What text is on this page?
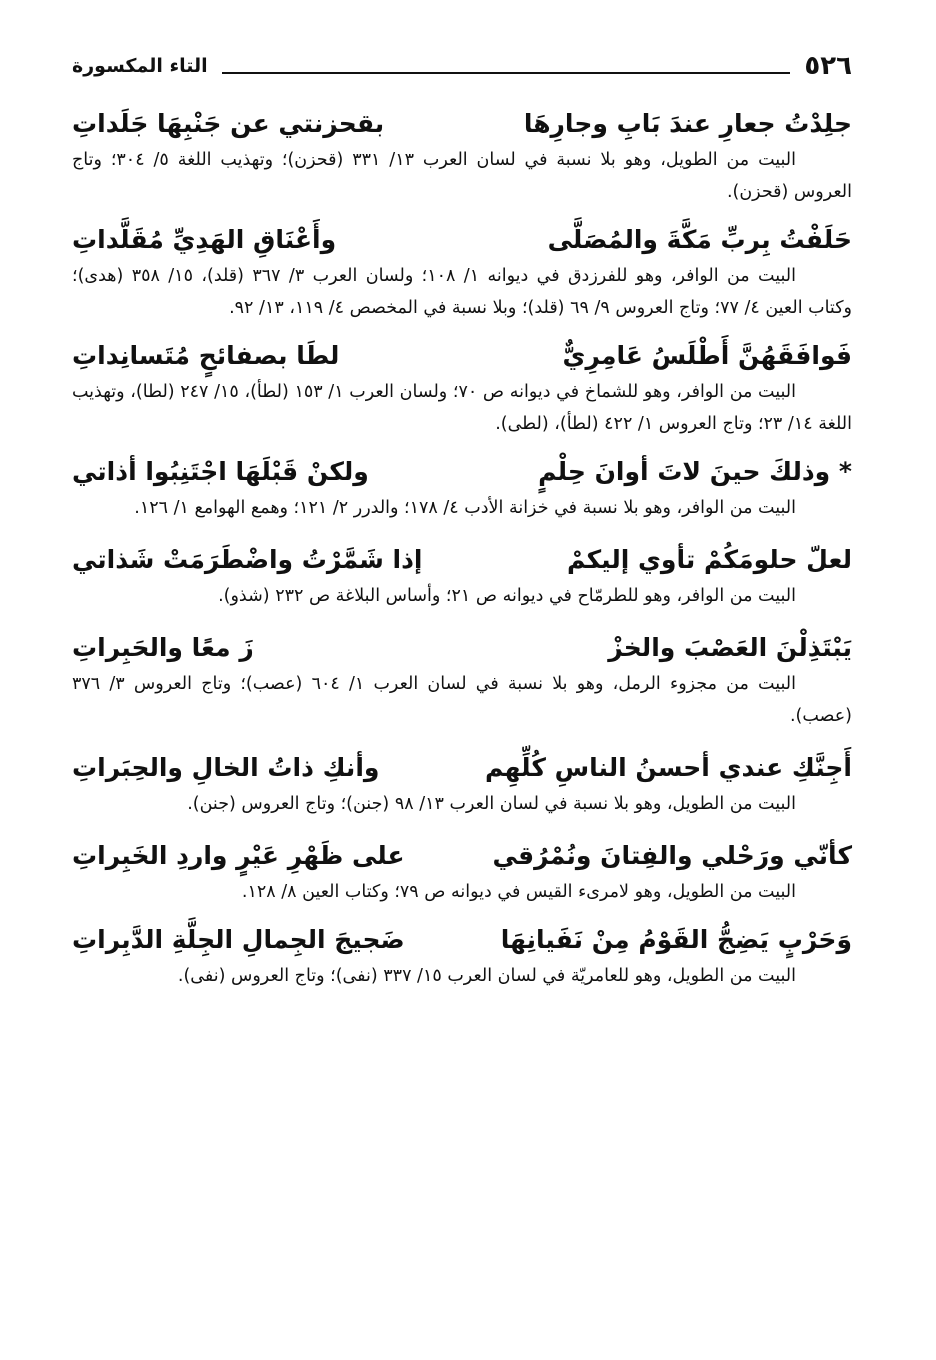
٥٢٦
التاء المكسورة
جلِدْتُ جعارِ عندَ بَابِ وجارِهَا
بقحزنتي عن جَنْبِهَا جَلَداتِ
البيت من الطويل، وهو بلا نسبة في لسان العرب ١٣/ ٣٣١ (قحزن)؛ وتهذيب اللغة ٥/ ٣٠٤؛ وتاج العروس (قحزن).
حَلَفْتُ بِربِّ مَكَّةَ والمُصَلَّى
وأَعْنَاقِ الهَدِيِّ مُقَلَّداتِ
البيت من الوافر، وهو للفرزدق في ديوانه ١/ ١٠٨؛ ولسان العرب ٣/ ٣٦٧ (قلد)، ١٥/ ٣٥٨ (هدى)؛ وكتاب العين ٤/ ٧٧؛ وتاج العروس ٩/ ٦٩ (قلد)؛ وبلا نسبة في المخصص ٤/ ١١٩، ١٣/ ٩٢.
فَوافَقَهُنَّ أَطْلَسُ عَامِرِيٌّ
لطَا بصفائحٍ مُتَسانِداتِ
البيت من الوافر، وهو للشماخ في ديوانه ص ٧٠؛ ولسان العرب ١/ ١٥٣ (لطأ)، ١٥/ ٢٤٧ (لطا)، وتهذيب اللغة ١٤/ ٢٣؛ وتاج العروس ١/ ٤٢٢ (لطأ)، (لطى).
* وذلكَ حينَ لاتَ أوانَ حِلْمٍ
ولكنْ قَبْلَهَا اجْتَنِبُوا أذاتي
البيت من الوافر، وهو بلا نسبة في خزانة الأدب ٤/ ١٧٨؛ والدرر ٢/ ١٢١؛ وهمع الهوامع ١/ ١٢٦.
لعلّ حلومَكُمْ تأوي إليكمْ
إذا شَمَّرْتُ واضْطَرَمَتْ شَذاتي
البيت من الوافر، وهو للطرمّاح في ديوانه ص ٢١؛ وأساس البلاغة ص ٢٣٢ (شذو).
يَبْتَذِلْنَ العَصْبَ والخزْ
زَ معًا والحَبِراتِ
البيت من مجزوء الرمل، وهو بلا نسبة في لسان العرب ١/ ٦٠٤ (عصب)؛ وتاج العروس ٣/ ٣٧٦ (عصب).
أَجِنَّكِ عندي أحسنُ الناسِ كُلِّهِم
وأنكِ ذاتُ الخالِ والحِبَراتِ
البيت من الطويل، وهو بلا نسبة في لسان العرب ١٣/ ٩٨ (جنن)؛ وتاج العروس (جنن).
كأنّي ورَحْلي والفِتانَ ونُمْرُقي
على ظَهْرِ عَيْرٍ واردِ الخَبِراتِ
البيت من الطويل، وهو لامرىء القيس في ديوانه ص ٧٩؛ وكتاب العين ٨/ ١٢٨.
وَحَرْبٍ يَضِجُّ القَوْمُ مِنْ نَفَيانِهَا
ضَجيجَ الجِمالِ الجِلَّةِ الدَّبِراتِ
البيت من الطويل، وهو للعامريّة في لسان العرب ١٥/ ٣٣٧ (نفى)؛ وتاج العروس (نفى).
